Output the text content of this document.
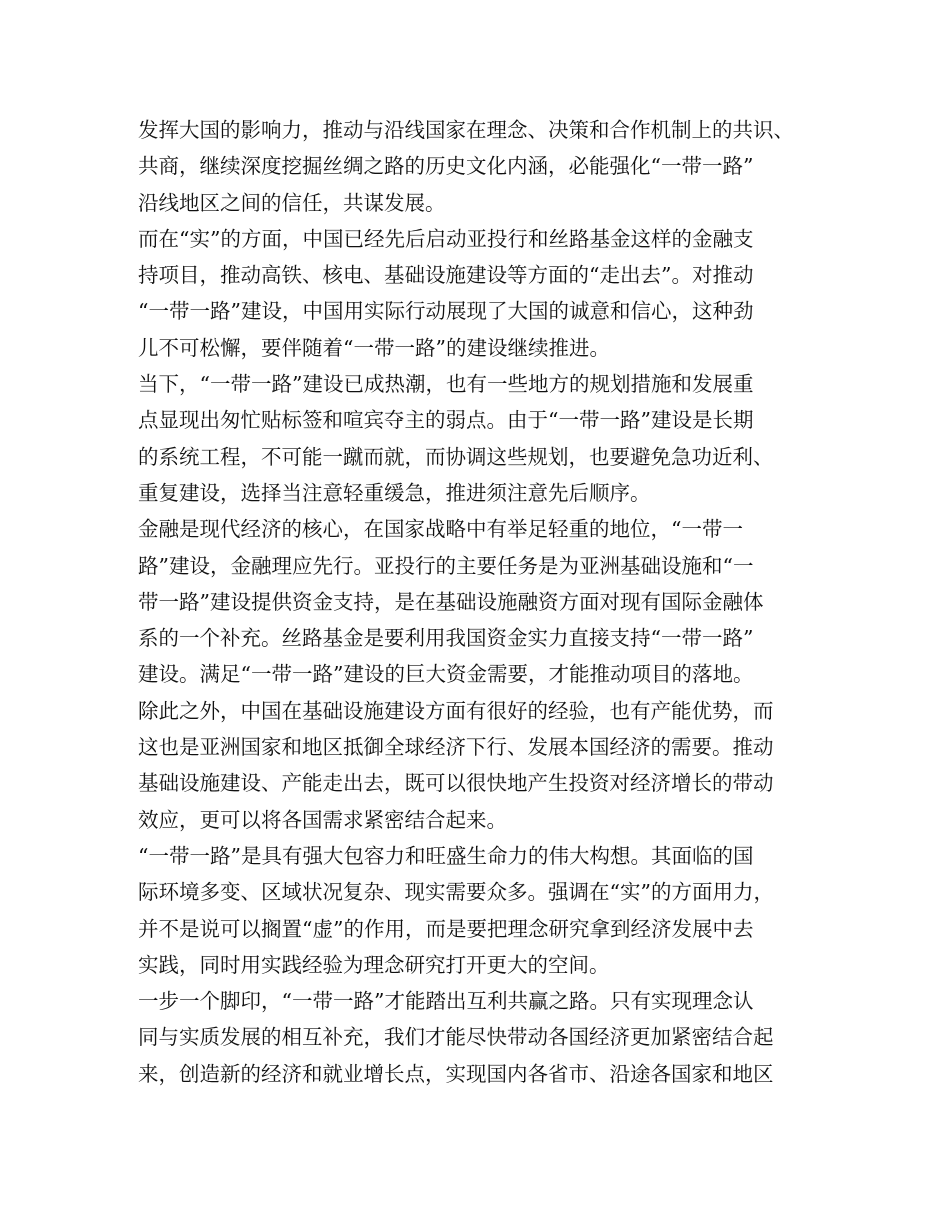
发挥大国的影响力，推动与沿线国家在理念、决策和合作机制上的共识、
共商，继续深度挖掘丝绸之路的历史文化内涵，必能强化“一带一路”
沿线地区之间的信任，共谋发展。
而在“实”的方面，中国已经先后启动亚投行和丝路基金这样的金融支
持项目，推动高铁、核电、基础设施建设等方面的“走出去”。对推动
“一带一路”建设，中国用实际行动展现了大国的诚意和信心，这种劲
儿不可松懈，要伴随着“一带一路”的建设继续推进。
当下，“一带一路”建设已成热潮，也有一些地方的规划措施和发展重
点显现出匆忙贴标签和喧宾夺主的弱点。由于“一带一路”建设是长期
的系统工程，不可能一蹴而就，而协调这些规划，也要避免急功近利、
重复建设，选择当注意轻重缓急，推进须注意先后顺序。
金融是现代经济的核心，在国家战略中有举足轻重的地位，“一带一
路”建设，金融理应先行。亚投行的主要任务是为亚洲基础设施和“一
带一路”建设提供资金支持，是在基础设施融资方面对现有国际金融体
系的一个补充。丝路基金是要利用我国资金实力直接支持“一带一路”
建设。满足“一带一路”建设的巨大资金需要，才能推动项目的落地。
除此之外，中国在基础设施建设方面有很好的经验，也有产能优势，而
这也是亚洲国家和地区抵御全球经济下行、发展本国经济的需要。推动
基础设施建设、产能走出去，既可以很快地产生投资对经济增长的带动
效应，更可以将各国需求紧密结合起来。
“一带一路”是具有强大包容力和旺盛生命力的伟大构想。其面临的国
际环境多变、区域状况复杂、现实需要众多。强调在“实”的方面用力，
并不是说可以搁置“虚”的作用，而是要把理念研究拿到经济发展中去
实践，同时用实践经验为理念研究打开更大的空间。
一步一个脚印，“一带一路”才能踏出互利共赢之路。只有实现理念认
同与实质发展的相互补充，我们才能尽快带动各国经济更加紧密结合起
来，创造新的经济和就业增长点，实现国内各省市、沿途各国家和地区
